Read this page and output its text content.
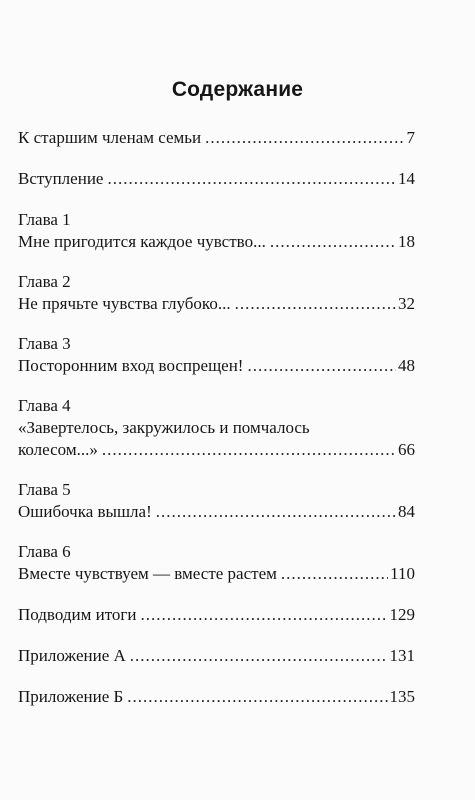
Содержание
К старшим членам семьи .....	7
Вступление .....	14
Глава 1
Мне пригодится каждое чувство... .....	18
Глава 2
Не прячьте чувства глубоко... .....	32
Глава 3
Посторонним вход воспрещен! .....	48
Глава 4
«Завертелось, закружилось и помчалось
колесом...» .....	66
Глава 5
Ошибочка вышла! .....	84
Глава 6
Вместе чувствуем — вместе растем .....	110
Подводим итоги .....	129
Приложение А .....	131
Приложение Б .....	135
